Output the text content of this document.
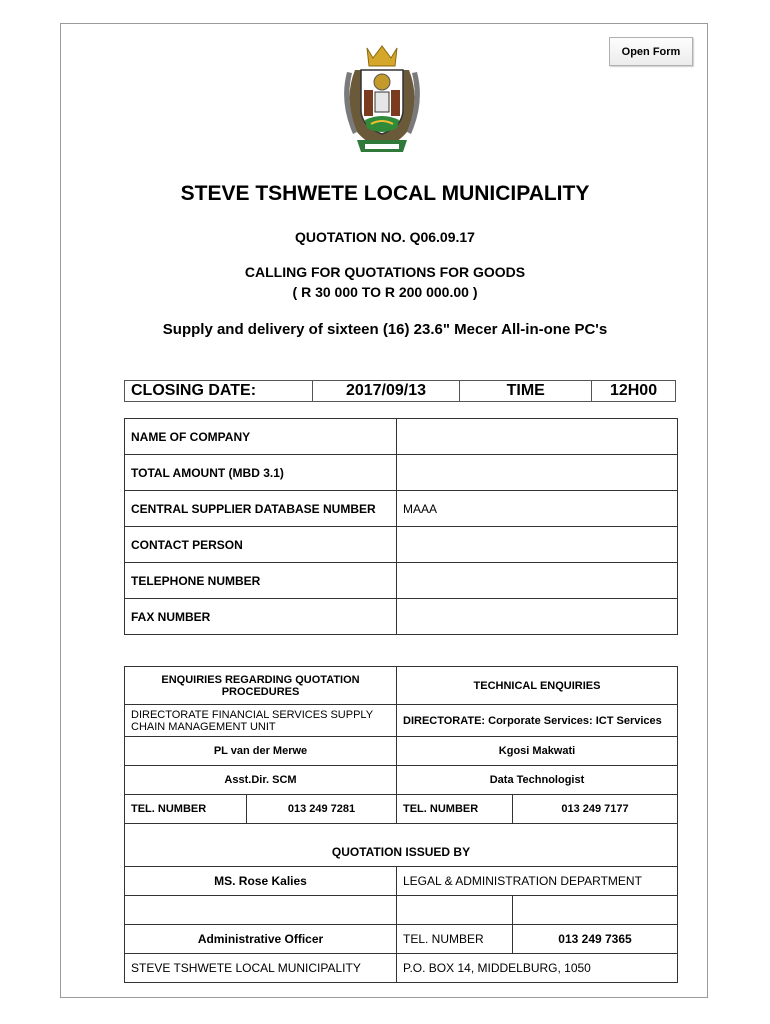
Open Form
STEVE TSHWETE LOCAL MUNICIPALITY
QUOTATION NO. Q06.09.17
CALLING FOR QUOTATIONS FOR GOODS
( R 30 000 TO R 200 000.00 )
Supply and delivery of sixteen (16) 23.6" Mecer All-in-one PC's
CLOSING DATE:	2017/09/13	TIME	12H00
NAME OF COMPANY	
TOTAL AMOUNT (MBD 3.1)	
CENTRAL SUPPLIER DATABASE NUMBER	MAAA
CONTACT PERSON	
TELEPHONE NUMBER	
FAX NUMBER	
ENQUIRIES REGARDING QUOTATION PROCEDURES		TECHNICAL ENQUIRIES	
DIRECTORATE FINANCIAL SERVICES SUPPLY CHAIN MANAGEMENT UNIT		DIRECTORATE: Corporate Services: ICT Services	
PL van der Merwe		Kgosi Makwati	
Asst.Dir. SCM		Data Technologist	
TEL. NUMBER	013 249 7281	TEL. NUMBER	013 249 7177

QUOTATION ISSUED BY			
MS. Rose Kalies		LEGAL & ADMINISTRATION DEPARTMENT	

Administrative Officer		TEL. NUMBER	013 249 7365
STEVE TSHWETE LOCAL MUNICIPALITY		P.O. BOX 14, MIDDELBURG, 1050	
